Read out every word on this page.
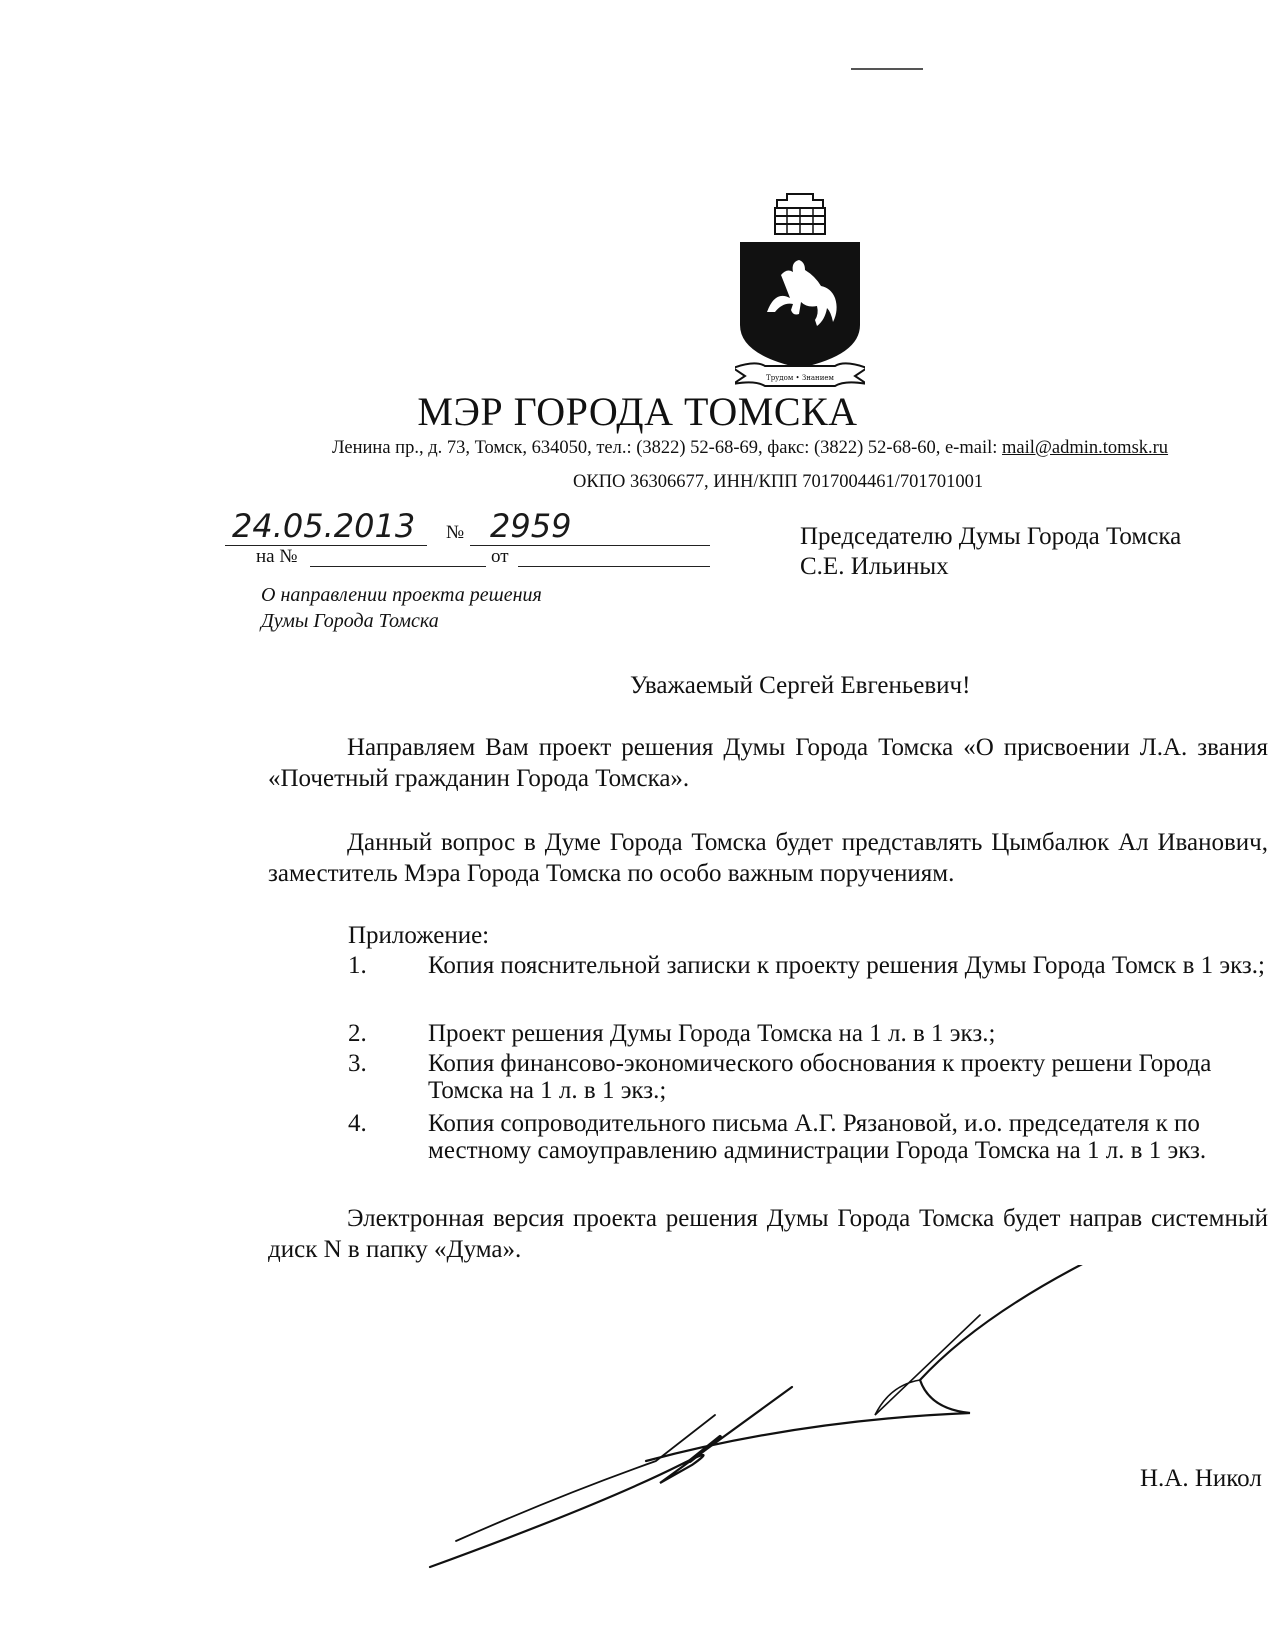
Трудом • Знанием
МЭР ГОРОДА ТОМСКА
Ленина пр., д. 73, Томск, 634050, тел.: (3822) 52-68-69, факс: (3822) 52-68-60, e-mail: mail@admin.tomsk.ru
ОКПО 36306677, ИНН/КПП 7017004461/701701001
24.05.2013 № 2959
на №	от
О направлении проекта решения
Думы Города Томска
Председателю Думы Города Томска
С.Е. Ильиных
Уважаемый Сергей Евгеньевич!
Направляем Вам проект решения Думы Города Томска «О присвоении Л.А. звания «Почетный гражданин Города Томска».
Данный вопрос в Думе Города Томска будет представлять Цымбалюк Ал Иванович, заместитель Мэра Города Томска по особо важным поручениям.
Приложение:
1.	Копия пояснительной записки к проекту решения Думы Города Томск в 1 экз.;
2.	Проект решения Думы Города Томска на 1 л. в 1 экз.;
3.	Копия финансово-экономического обоснования к проекту решени Города Томска на 1 л. в 1 экз.;
4.	Копия сопроводительного письма А.Г. Рязановой, и.о. председателя к по местному самоуправлению администрации Города Томска на 1 л. в 1 экз.
Электронная версия проекта решения Думы Города Томска будет направ системный диск N в папку «Дума».
Н.А. Никол
